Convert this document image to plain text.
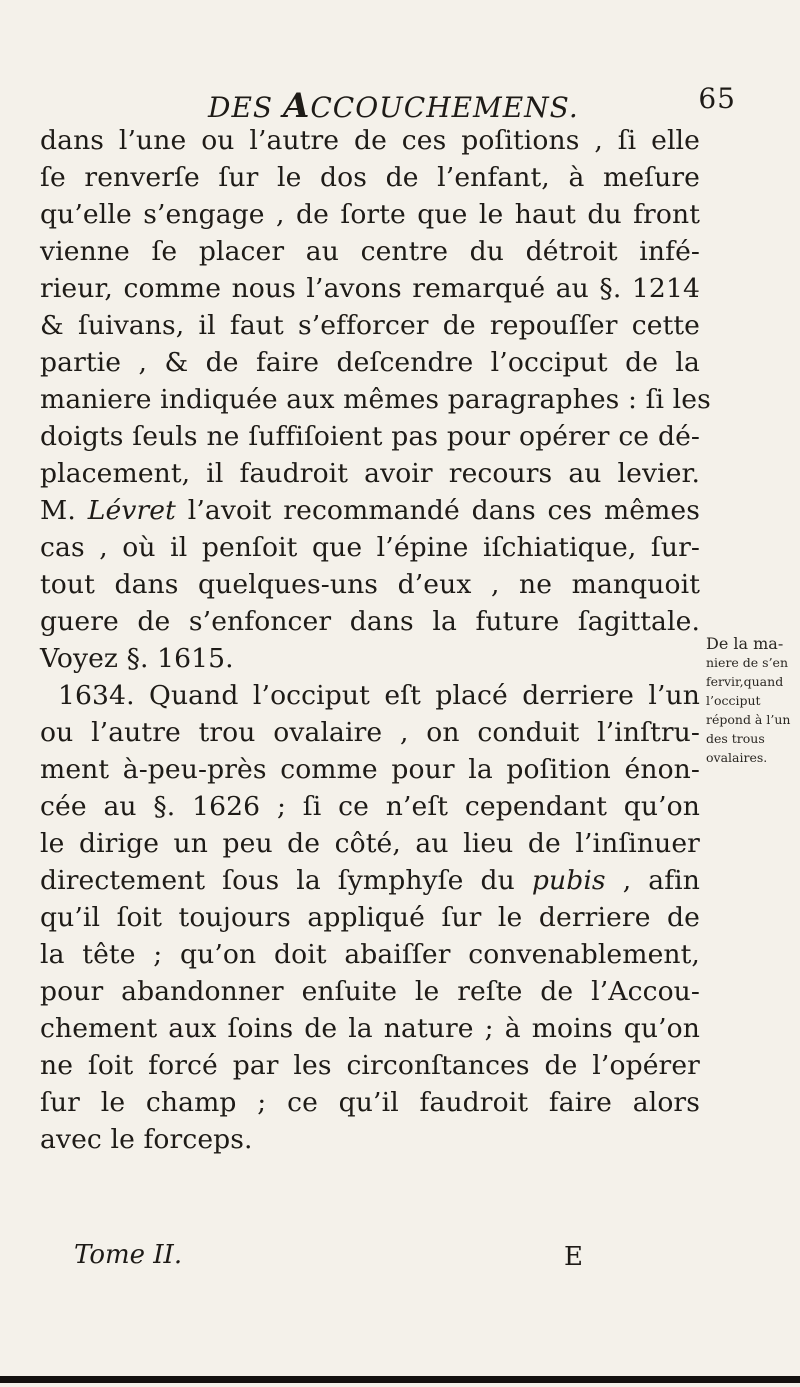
DES ACCOUCHEMENS.	65
dans l’une ou l’autre de ces poſitions , ſi elle
ſe renverſe ſur le dos de l’enfant, à meſure
qu’elle s’engage , de ſorte que le haut du front
vienne ſe placer au centre du détroit infé-
rieur, comme nous l’avons remarqué au §. 1214
& ſuivans, il faut s’efforcer de repouſſer cette
partie , & de faire deſcendre l’occiput de la
maniere indiquée aux mêmes paragraphes : ſi les
doigts ſeuls ne ſuffiſoient pas pour opérer ce dé-
placement, il faudroit avoir recours au levier.
M. Lévret l’avoit recommandé dans ces mêmes
cas , où il penſoit que l’épine iſchiatique, ſur-
tout dans quelques-uns d’eux , ne manquoit
guere de s’enfoncer dans la future ſagittale.
Voyez §. 1615.
1634. Quand l’occiput eſt placé derriere l’un
ou l’autre trou ovalaire , on conduit l’inſtru-
ment à-peu-près comme pour la poſition énon-
cée au §. 1626 ; ſi ce n’eſt cependant qu’on
le dirige un peu de côté, au lieu de l’inſinuer
directement ſous la ſymphyſe du pubis , afin
qu’il ſoit toujours appliqué ſur le derriere de
la tête ; qu’on doit abaiſſer convenablement,
pour abandonner enſuite le reſte de l’Accou-
chement aux ſoins de la nature ; à moins qu’on
ne ſoit forcé par les circonſtances de l’opérer
ſur le champ ; ce qu’il faudroit faire alors
avec le forceps.
De la ma-
niere de s’en
fervir,quand
l’occiput
répond à l’un
des trous
ovalaires.
Tome II.	E
